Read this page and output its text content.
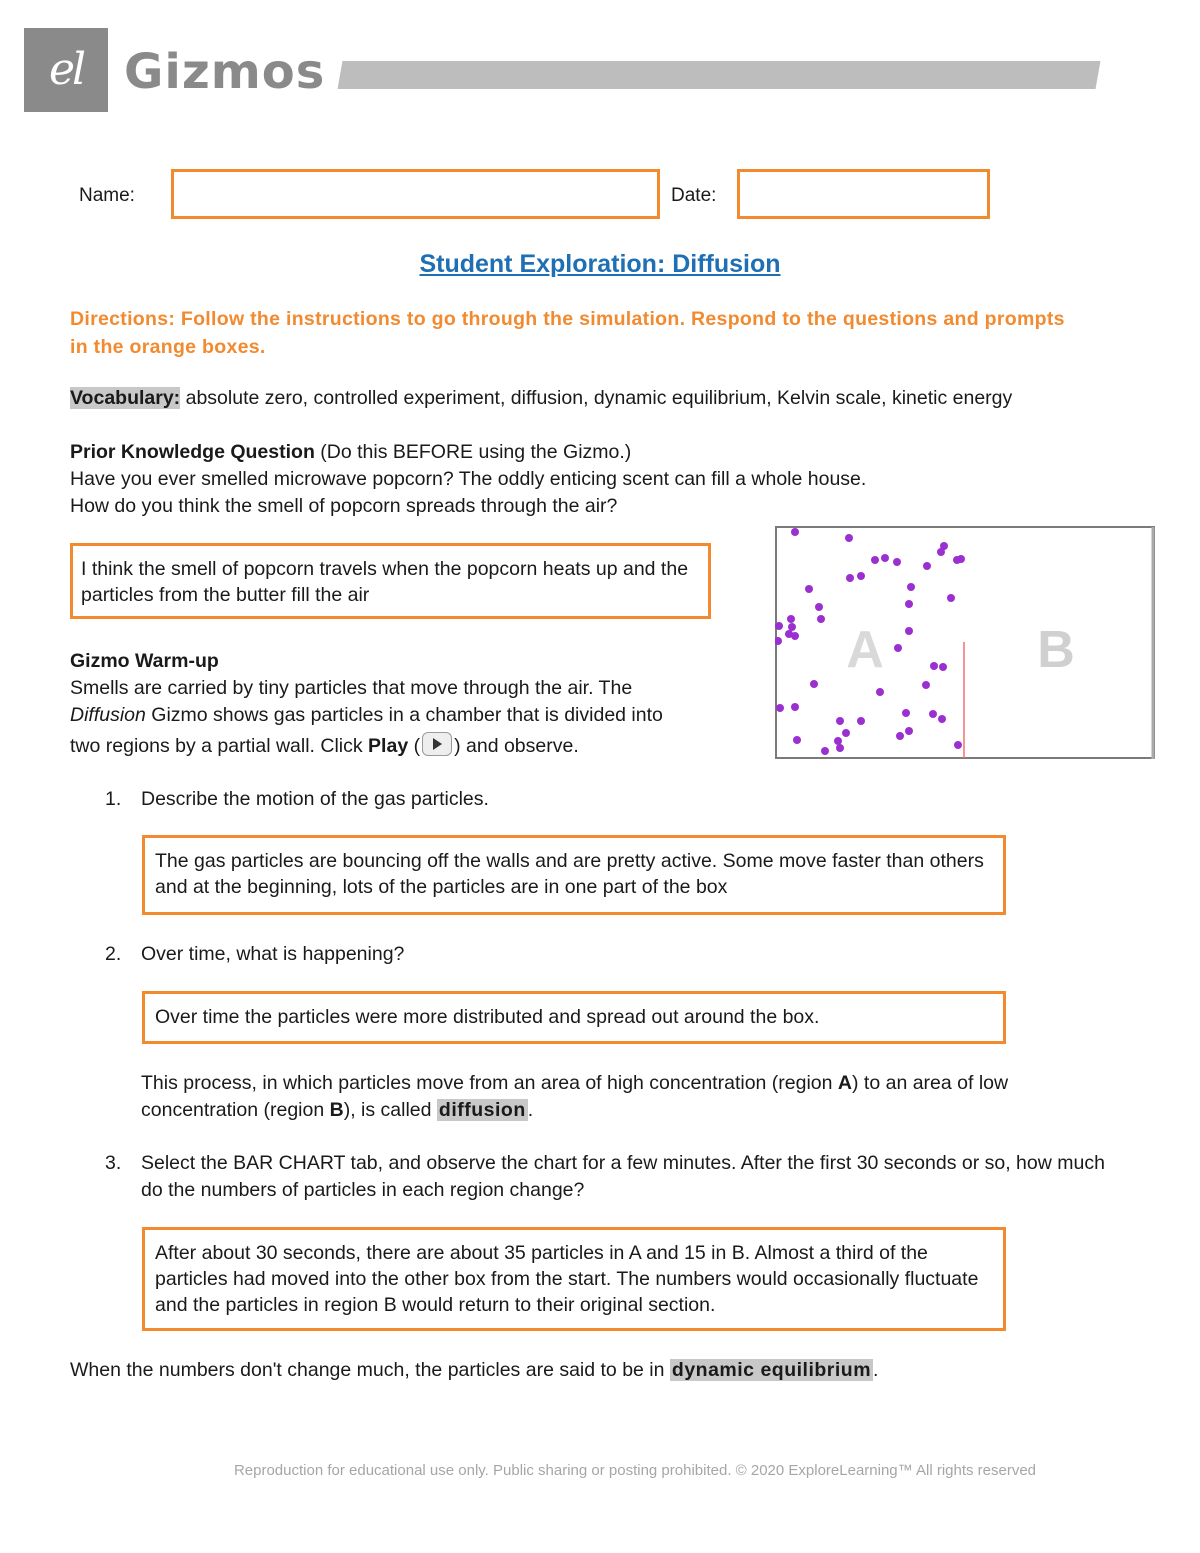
el Gizmos
Name:	Date:
Student Exploration: Diffusion
Directions: Follow the instructions to go through the simulation. Respond to the questions and prompts in the orange boxes.
Vocabulary: absolute zero, controlled experiment, diffusion, dynamic equilibrium, Kelvin scale, kinetic energy
Prior Knowledge Question (Do this BEFORE using the Gizmo.)
Have you ever smelled microwave popcorn? The oddly enticing scent can fill a whole house.
How do you think the smell of popcorn spreads through the air?
I think the smell of popcorn travels when the popcorn heats up and the particles from the butter fill the air
Gizmo Warm-up
Smells are carried by tiny particles that move through the air. The
Diffusion Gizmo shows gas particles in a chamber that is divided into
two regions by a partial wall. Click Play ( ) and observe.
A	B
1. Describe the motion of the gas particles.
The gas particles are bouncing off the walls and are pretty active. Some move faster than others and at the beginning, lots of the particles are in one part of the box
2. Over time, what is happening?
Over time the particles were more distributed and spread out around the box.
This process, in which particles move from an area of high concentration (region A) to an area of low concentration (region B), is called diffusion .
3. Select the BAR CHART tab, and observe the chart for a few minutes. After the first 30 seconds or so, how much do the numbers of particles in each region change?
After about 30 seconds, there are about 35 particles in A and 15 in B. Almost a third of the particles had moved into the other box from the start. The numbers would occasionally fluctuate and the particles in region B would return to their original section.
When the numbers don't change much, the particles are said to be in dynamic equilibrium .
Reproduction for educational use only. Public sharing or posting prohibited. © 2020 ExploreLearning™ All rights reserved
